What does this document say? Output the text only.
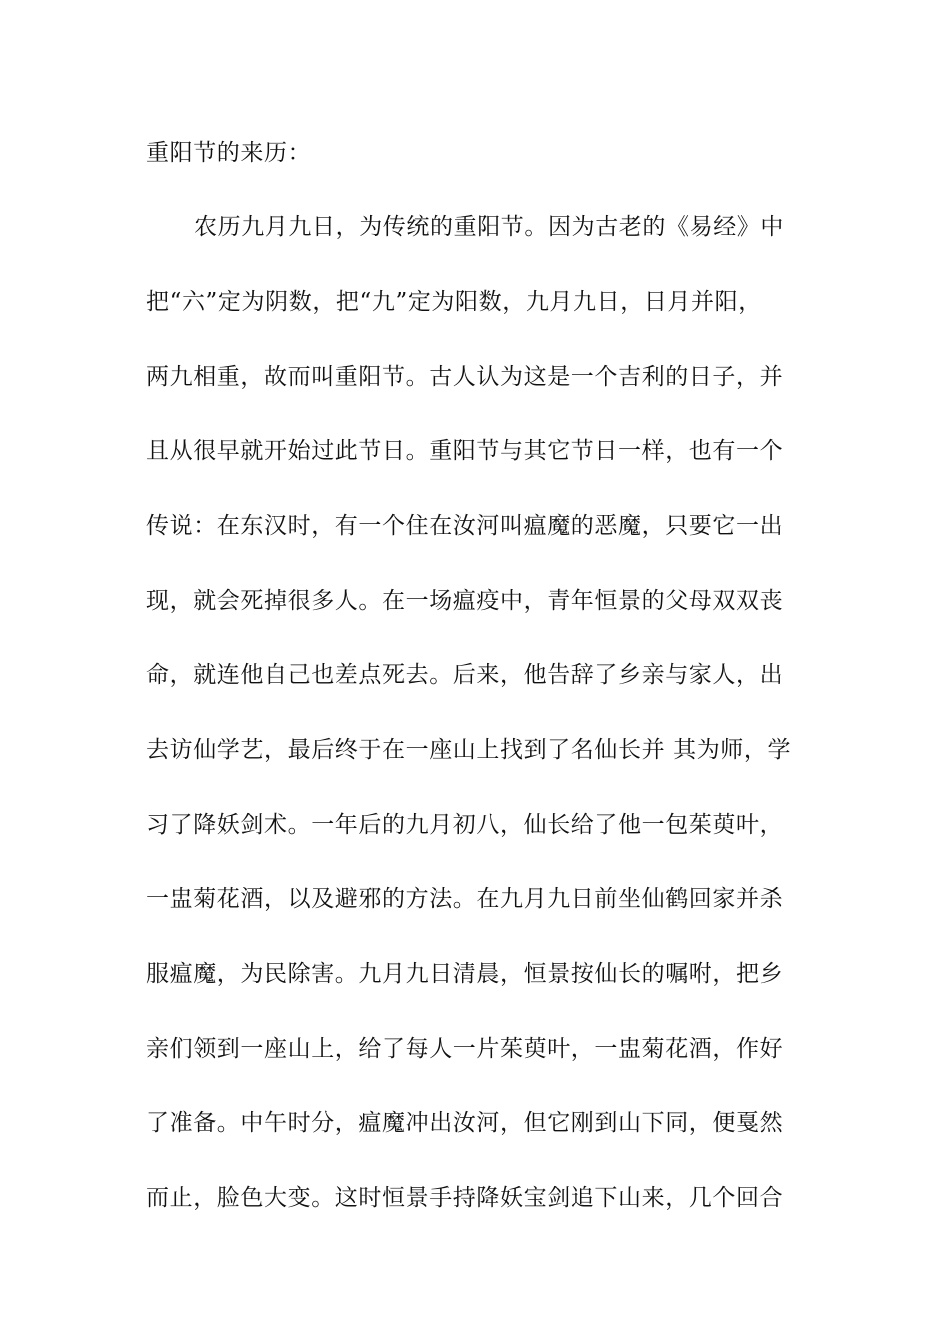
重阳节的来历：
农历九月九日，为传统的重阳节。因为古老的《易经》中
把“六”定为阴数，把“九”定为阳数，九月九日，日月并阳，
两九相重，故而叫重阳节。古人认为这是一个吉利的日子，并
且从很早就开始过此节日。重阳节与其它节日一样，也有一个
传说：在东汉时，有一个住在汝河叫瘟魔的恶魔，只要它一出
现，就会死掉很多人。在一场瘟疫中，青年恒景的父母双双丧
命，就连他自己也差点死去。后来，他告辞了乡亲与家人，出
去访仙学艺，最后终于在一座山上找到了名仙长并 其为师，学
习了降妖剑术。一年后的九月初八，仙长给了他一包茱萸叶，
一盅菊花酒，以及避邪的方法。在九月九日前坐仙鹤回家并杀
服瘟魔，为民除害。九月九日清晨，恒景按仙长的嘱咐，把乡
亲们领到一座山上，给了每人一片茱萸叶，一盅菊花酒，作好
了准备。中午时分，瘟魔冲出汝河，但它刚到山下同，便戛然
而止，脸色大变。这时恒景手持降妖宝剑追下山来，几个回合
